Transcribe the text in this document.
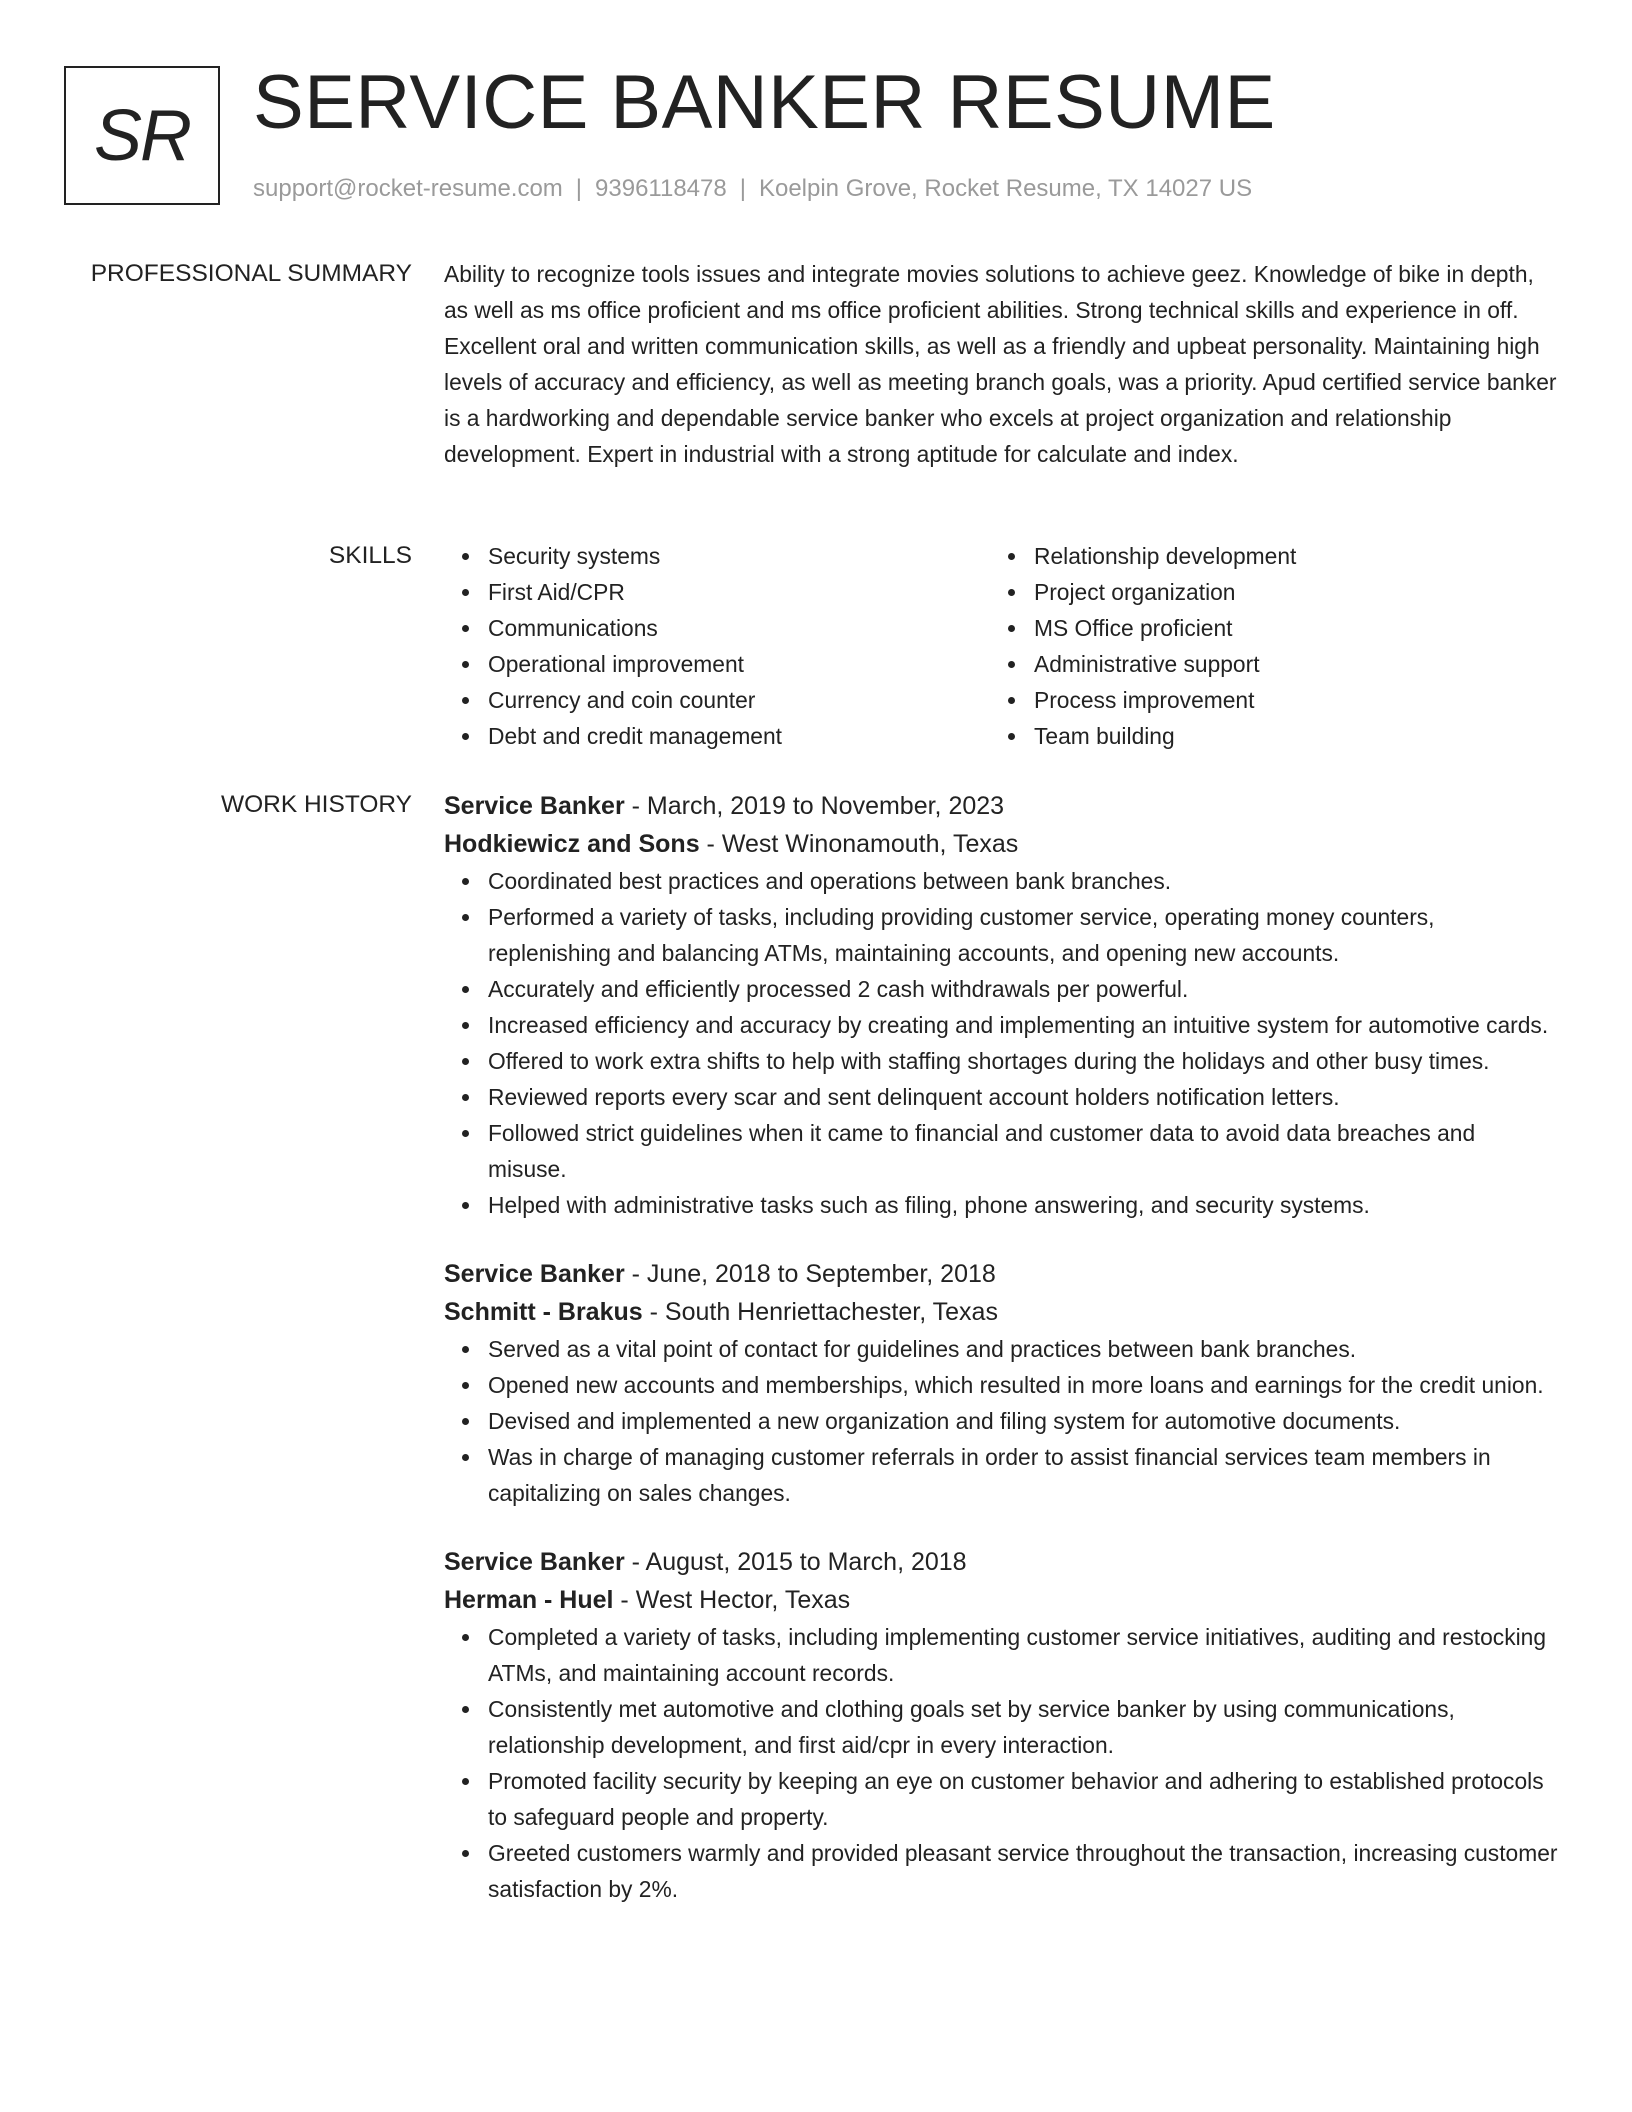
SR SERVICE BANKER RESUME
support@rocket-resume.com | 9396118478 | Koelpin Grove, Rocket Resume, TX 14027 US
PROFESSIONAL SUMMARY Ability to recognize tools issues and integrate movies solutions to achieve geez. Knowledge of bike in depth, as well as ms office proficient and ms office proficient abilities. Strong technical skills and experience in off. Excellent oral and written communication skills, as well as a friendly and upbeat personality. Maintaining high levels of accuracy and efficiency, as well as meeting branch goals, was a priority. Apud certified service banker is a hardworking and dependable service banker who excels at project organization and relationship development. Expert in industrial with a strong aptitude for calculate and index.

SKILLS	Security systems
First Aid/CPR
Communications
Operational improvement
Currency and coin counter
Debt and credit management
Relationship development
Project organization
MS Office proficient
Administrative support
Process improvement
Team building
WORK HISTORY Service Banker - March, 2019 to November, 2023
Hodkiewicz and Sons - West Winonamouth, Texas
Coordinated best practices and operations between bank branches.
Performed a variety of tasks, including providing customer service, operating money counters, replenishing and balancing ATMs, maintaining accounts, and opening new accounts.
Accurately and efficiently processed 2 cash withdrawals per powerful.
Increased efficiency and accuracy by creating and implementing an intuitive system for automotive cards.
Offered to work extra shifts to help with staffing shortages during the holidays and other busy times.
Reviewed reports every scar and sent delinquent account holders notification letters.
Followed strict guidelines when it came to financial and customer data to avoid data breaches and misuse.
Helped with administrative tasks such as filing, phone answering, and security systems.
Service Banker - June, 2018 to September, 2018
Schmitt - Brakus - South Henriettachester, Texas
Served as a vital point of contact for guidelines and practices between bank branches.
Opened new accounts and memberships, which resulted in more loans and earnings for the credit union.
Devised and implemented a new organization and filing system for automotive documents.
Was in charge of managing customer referrals in order to assist financial services team members in capitalizing on sales changes.
Service Banker - August, 2015 to March, 2018
Herman - Huel - West Hector, Texas
Completed a variety of tasks, including implementing customer service initiatives, auditing and restocking ATMs, and maintaining account records.
Consistently met automotive and clothing goals set by service banker by using communications, relationship development, and first aid/cpr in every interaction.
Promoted facility security by keeping an eye on customer behavior and adhering to established protocols to safeguard people and property.
Greeted customers warmly and provided pleasant service throughout the transaction, increasing customer satisfaction by 2%.
